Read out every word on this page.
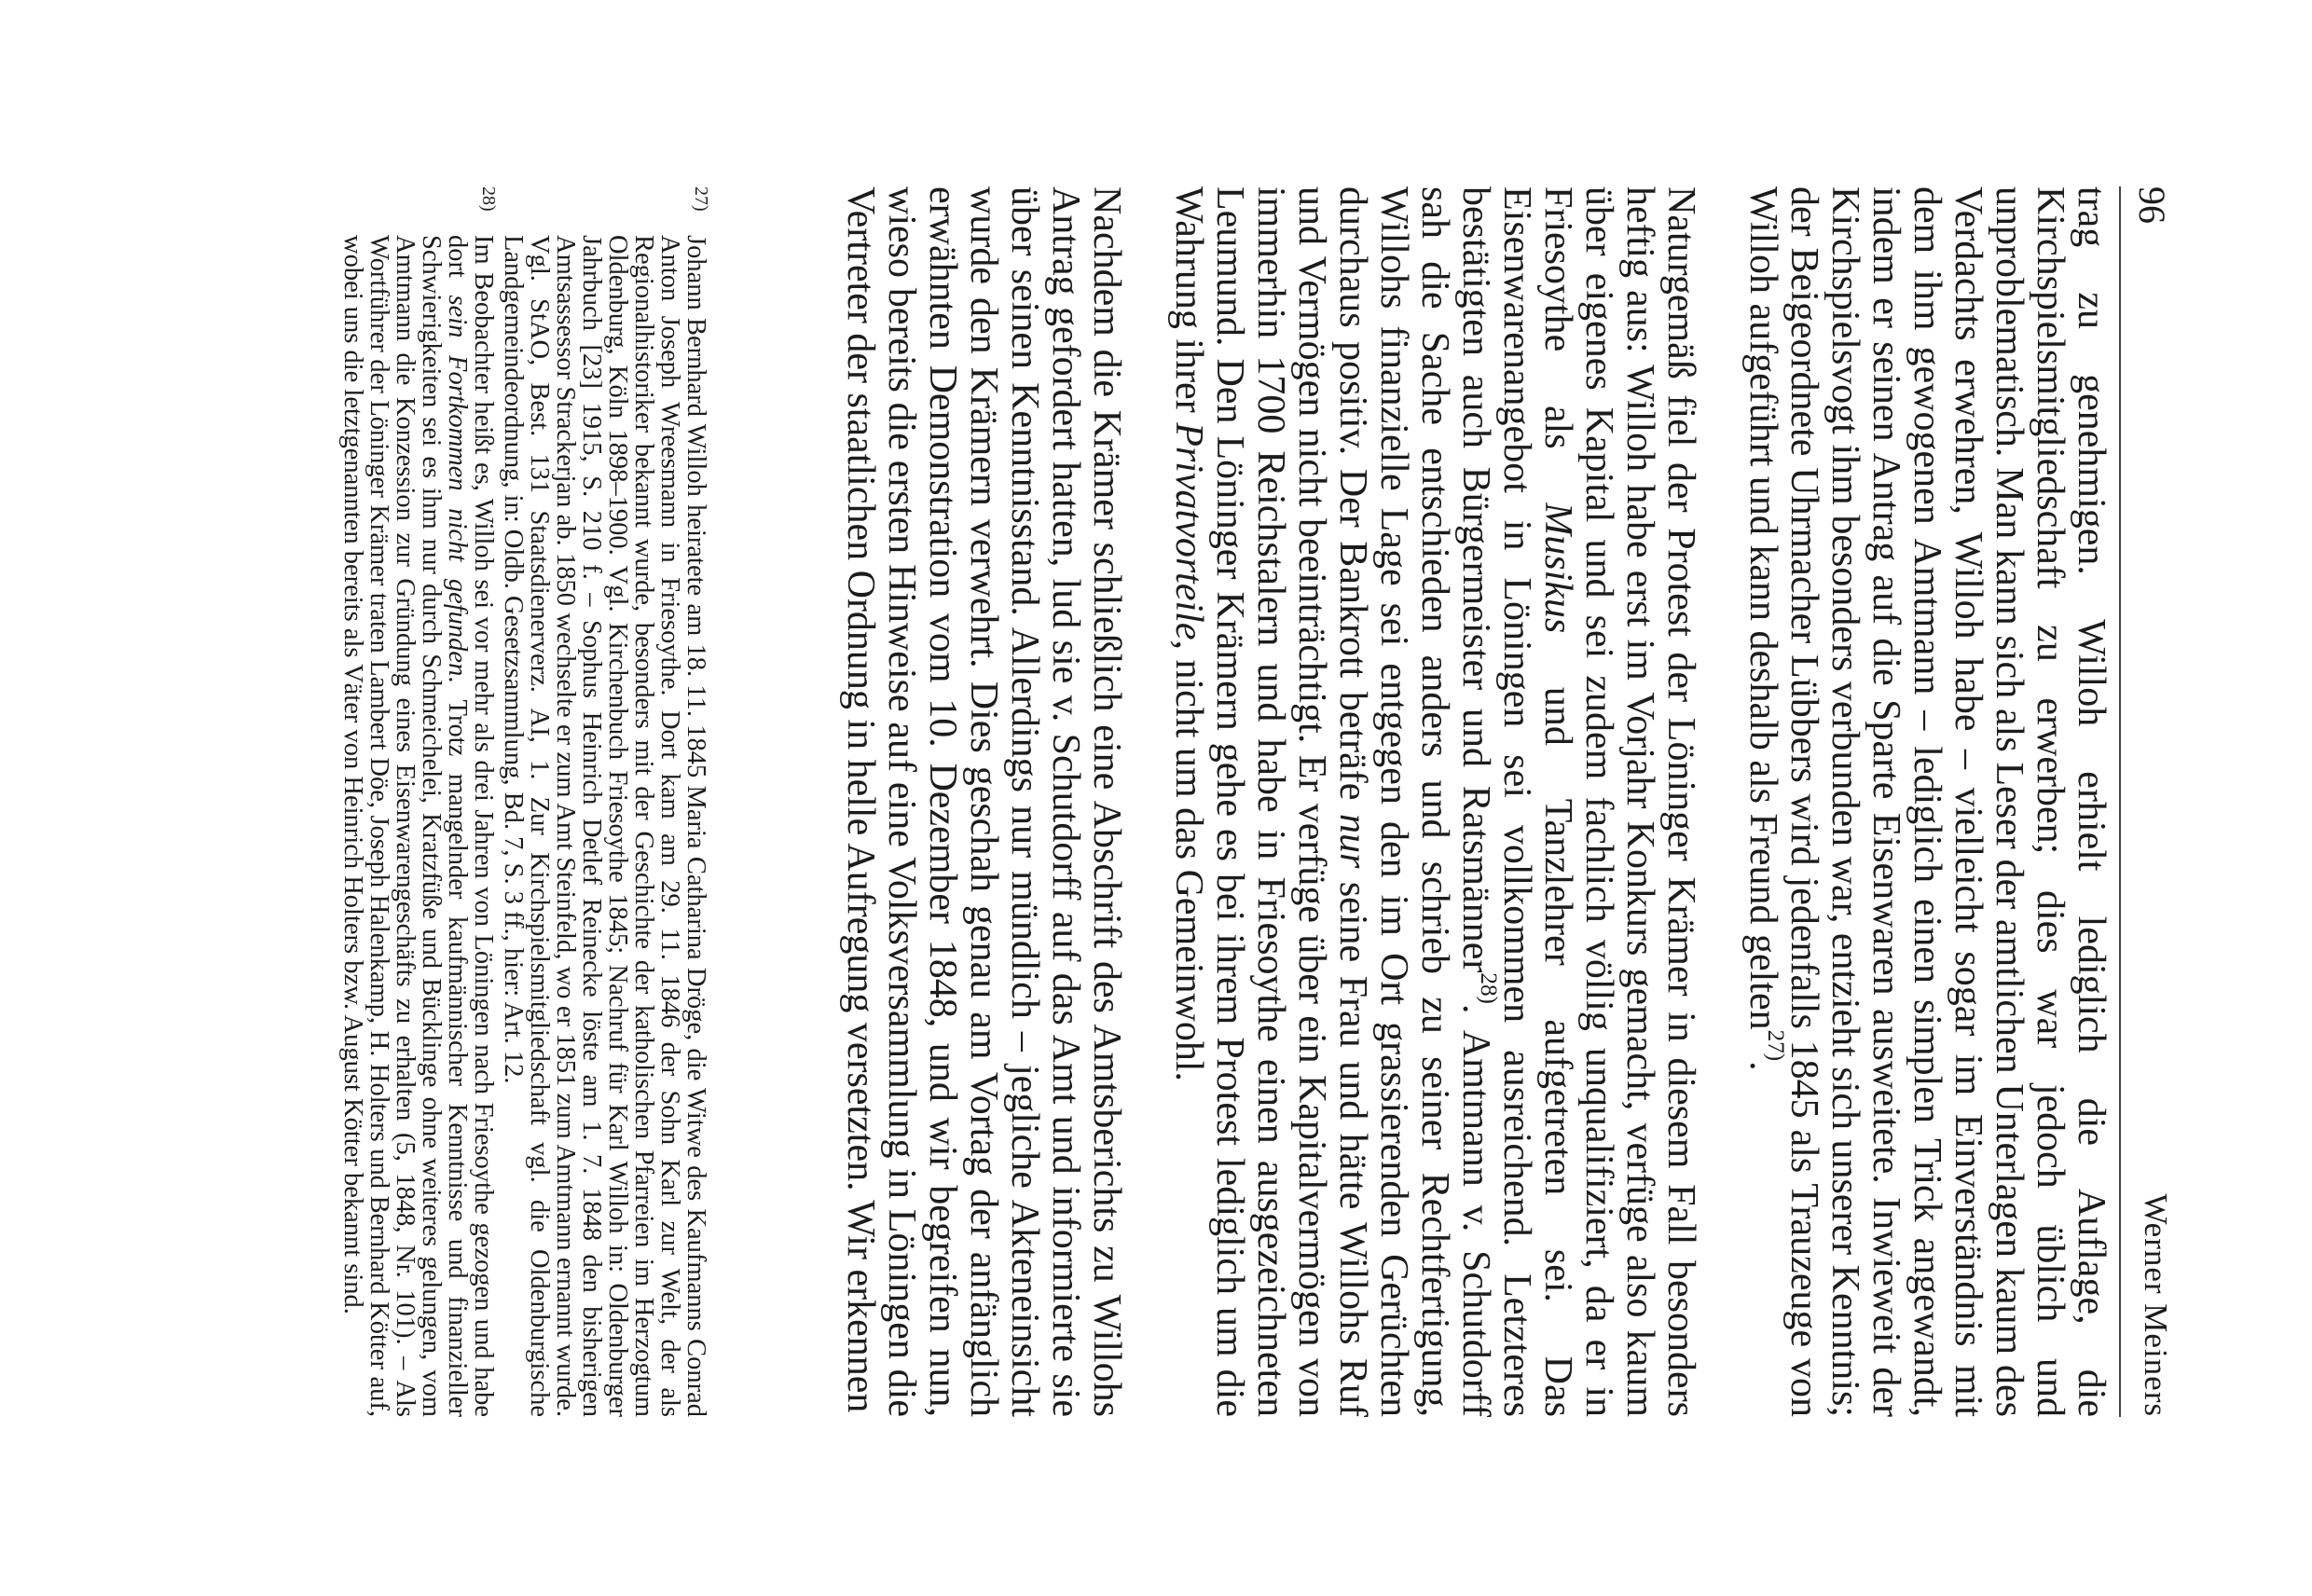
96
Werner Meiners

trag zu genehmigen. Willoh erhielt lediglich die Auflage, die Kirchspielsmitgliedschaft zu erwerben; dies war jedoch üblich und unproblematisch. Man kann sich als Leser der amtlichen Unterlagen kaum des Verdachts erwehren, Willoh habe – vielleicht sogar im Einverständnis mit dem ihm gewogenen Amtmann – lediglich einen simplen Trick angewandt, indem er seinen Antrag auf die Sparte Eisenwaren ausweitete. Inwieweit der Kirchspielsvogt ihm besonders verbunden war, entzieht sich unserer Kenntnis; der Beigeordnete Uhrmacher Lübbers wird jedenfalls 1845 als Trauzeuge von Willoh aufgeführt und kann deshalb als Freund gelten$^{27)}$.

Naturgemäß fiel der Protest der Löninger Krämer in diesem Fall besonders heftig aus: Willoh habe erst im Vorjahr Konkurs gemacht, verfüge also kaum über eigenes Kapital und sei zudem fachlich völlig unqualifiziert, da er in Friesoythe als Musikus und Tanzlehrer aufgetreten sei. Das Eisenwarenangebot in Löningen sei vollkommen ausreichend. Letzteres bestätigten auch Bürgermeister und Ratsmänner$^{28)}$. Amtmann v. Schutdorff sah die Sache entschieden anders und schrieb zu seiner Rechtfertigung, Willohs finanzielle Lage sei entgegen den im Ort grassierenden Gerüchten durchaus positiv. Der Bankrott beträfe nur seine Frau und hätte Willohs Ruf und Vermögen nicht beeinträchtigt. Er verfüge über ein Kapitalvermögen von immerhin 1700 Reichstalern und habe in Friesoythe einen ausgezeichneten Leumund. Den Löninger Krämern gehe es bei ihrem Protest lediglich um die Wahrung ihrer Privatvorteile, nicht um das Gemeinwohl.

Nachdem die Krämer schließlich eine Abschrift des Amtsberichts zu Willohs Antrag gefordert hatten, lud sie v. Schutdorff auf das Amt und informierte sie über seinen Kenntnisstand. Allerdings nur mündlich – jegliche Akteneinsicht wurde den Krämern verwehrt. Dies geschah genau am Vortag der anfänglich erwähnten Demonstration vom 10. Dezember 1848, und wir begreifen nun, wieso bereits die ersten Hinweise auf eine Volksversammlung in Löningen die Vertreter der staatlichen Ordnung in helle Aufregung versetzten. Wir erkennen

27)
Johann Bernhard Willoh heiratete am 18. 11. 1845 Maria Catharina Dröge, die Witwe des Kaufmanns Conrad Anton Joseph Wreesmann in Friesoythe. Dort kam am 29. 11. 1846 der Sohn Karl zur Welt, der als Regionalhistoriker bekannt wurde, besonders mit der Geschichte der katholischen Pfarreien im Herzogtum Oldenburg, Köln 1898–1900. Vgl. Kirchenbuch Friesoythe 1845; Nachruf für Karl Willoh in: Oldenburger Jahrbuch [23] 1915, S. 210 f. – Sophus Heinrich Detlef Reinecke löste am 1. 7. 1848 den bisherigen Amtsassessor Strackerjan ab. 1850 wechselte er zum Amt Steinfeld, wo er 1851 zum Amtmann ernannt wurde. Vgl. StAO, Best. 131 Staatsdienerverz. AI, 1. Zur Kirchspielsmitgliedschaft vgl. die Oldenburgische Landgemeindeordnung, in: Oldb. Gesetzsammlung, Bd. 7, S. 3 ff., hier: Art. 12.
28)
Im Beobachter heißt es, Willoh sei vor mehr als drei Jahren von Löningen nach Friesoythe gezogen und habe dort sein Fortkommen nicht gefunden. Trotz mangelnder kaufmännischer Kenntnisse und finanzieller Schwierigkeiten sei es ihm nur durch Schmeichelei, Kratzfüße und Bücklinge ohne weiteres gelungen, vom Amtmann die Konzession zur Gründung eines Eisenwarengeschäfts zu erhalten (5, 1848, Nr. 101). – Als Wortführer der Löninger Krämer traten Lambert Döe, Joseph Halenkamp, H. Holters und Bernhard Kötter auf, wobei uns die letztgenannten bereits als Väter von Heinrich Holters bzw. August Kötter bekannt sind.
